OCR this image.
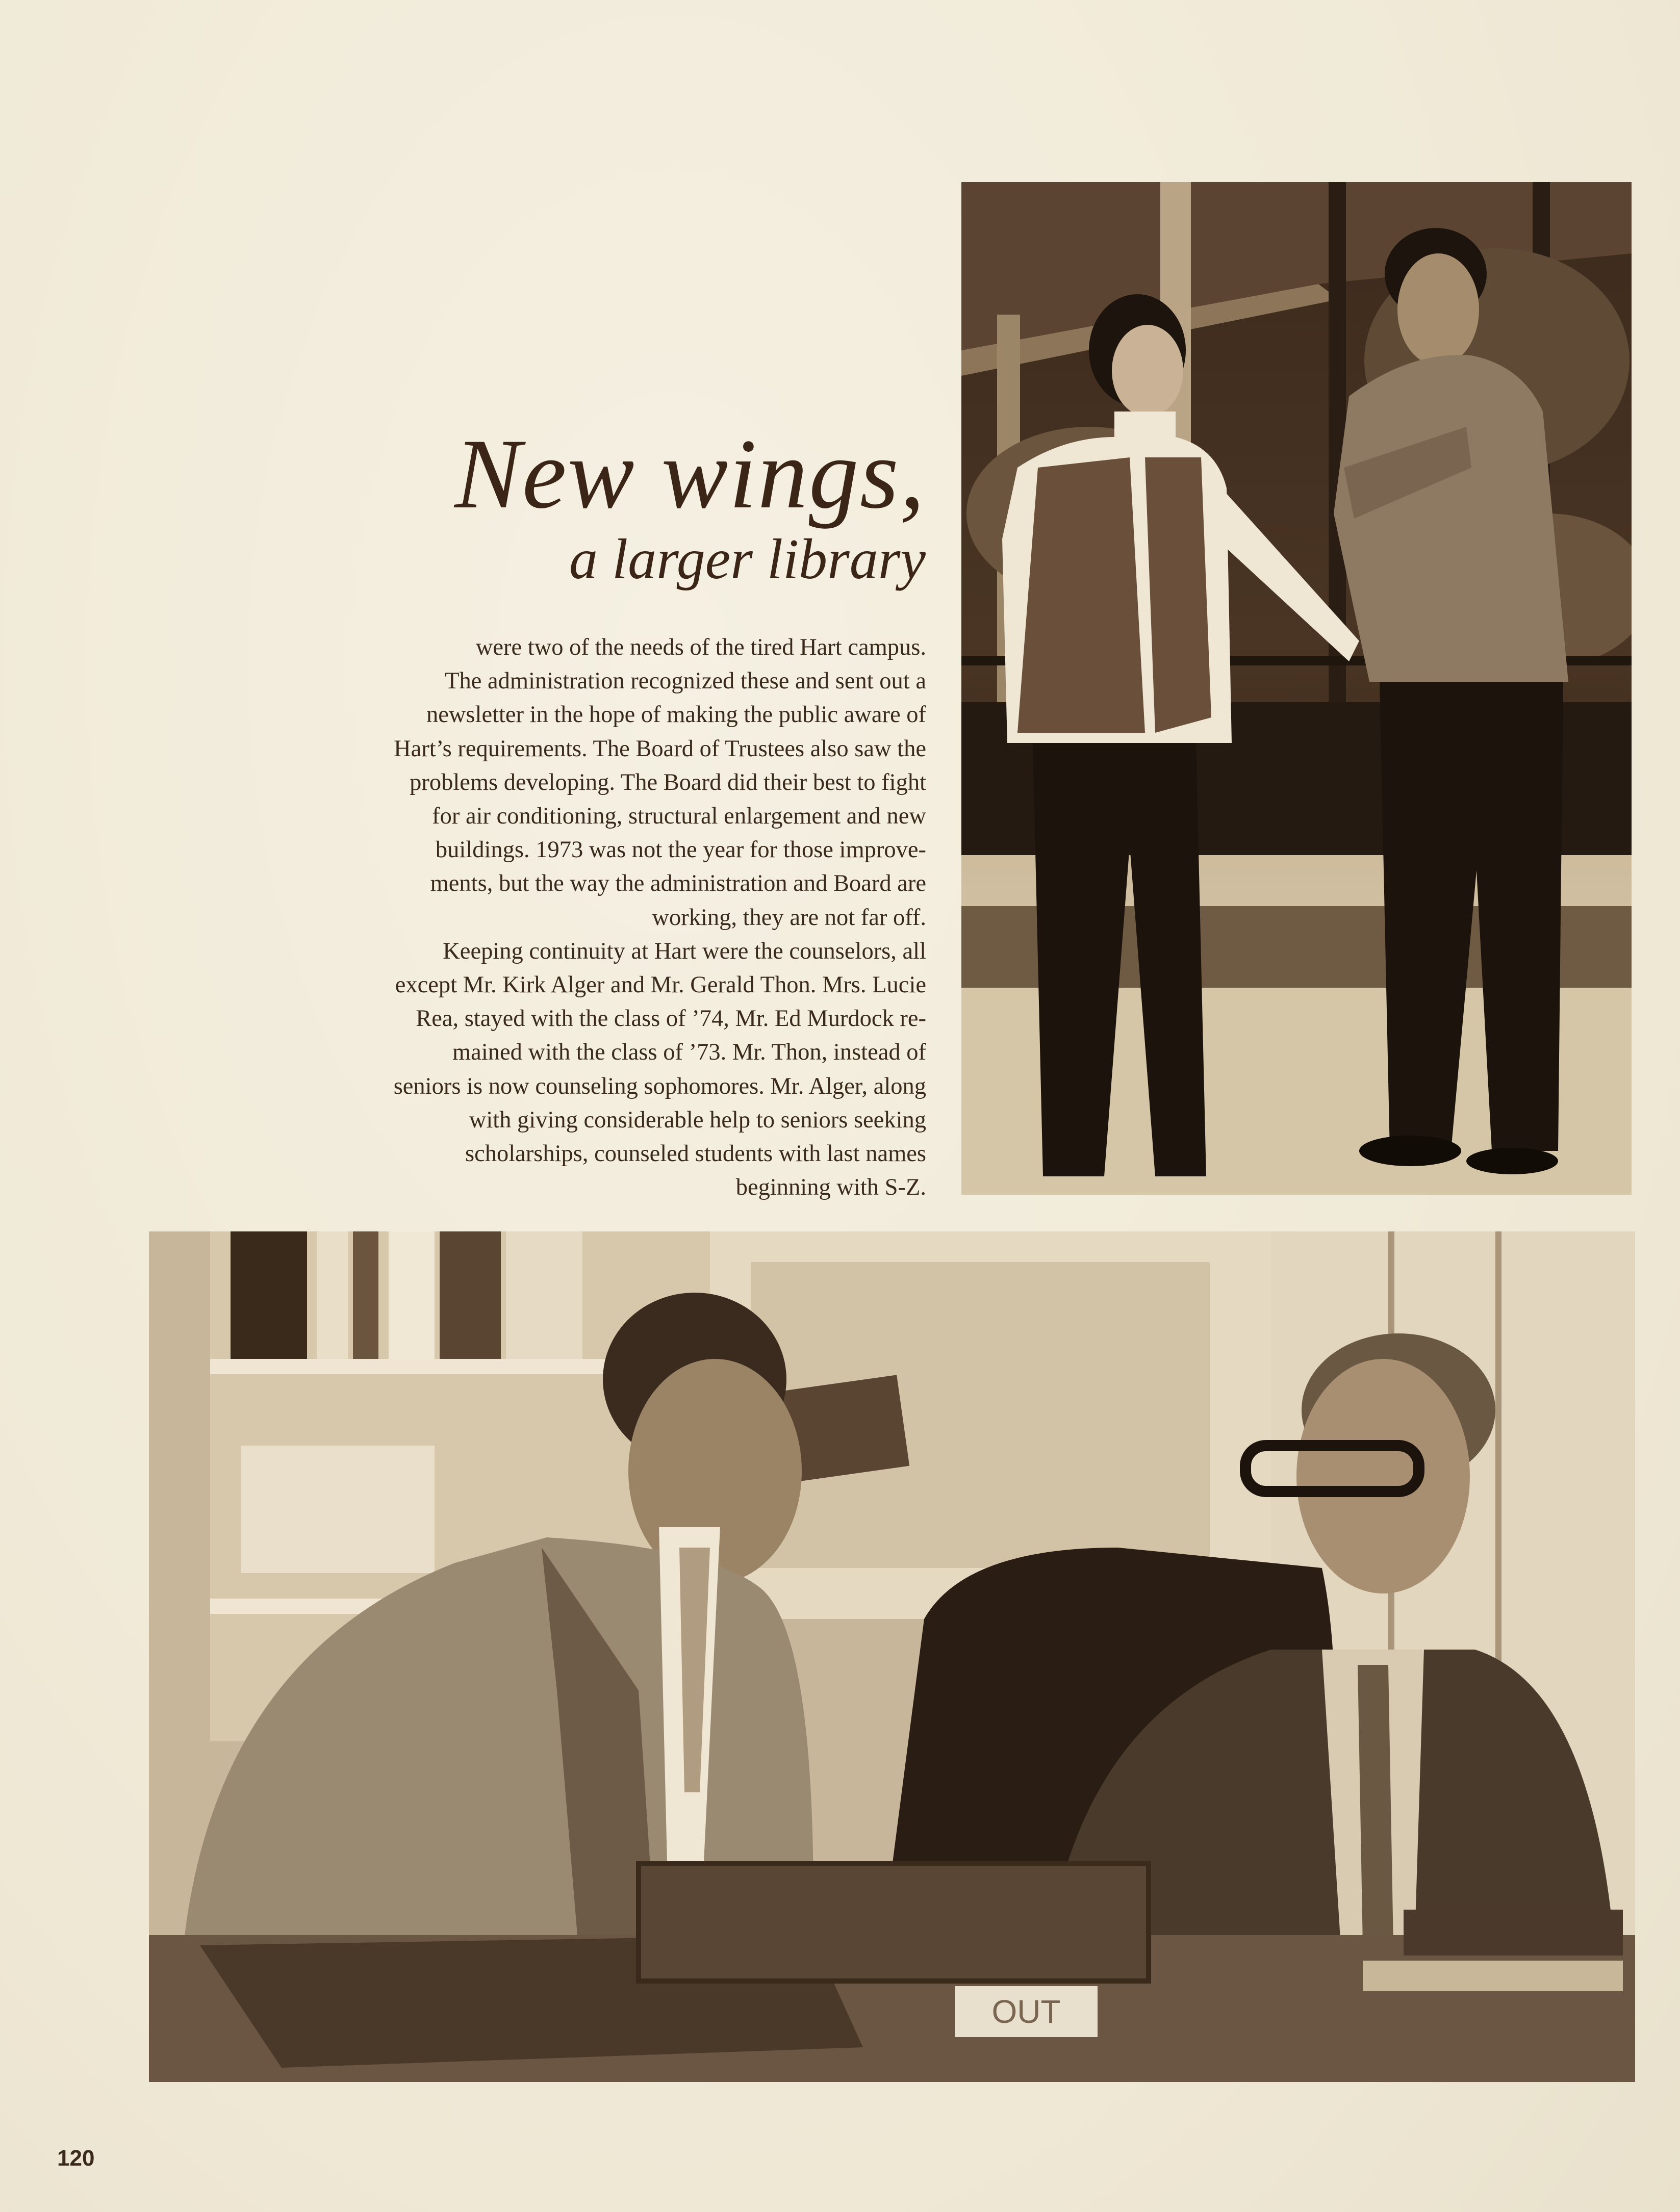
New wings,
a larger library
were two of the needs of the tired Hart campus.
The administration recognized these and sent out a
newsletter in the hope of making the public aware of
Hart’s requirements. The Board of Trustees also saw the
problems developing. The Board did their best to fight
for air conditioning, structural enlargement and new
buildings. 1973 was not the year for those improve-
ments, but the way the administration and Board are
working, they are not far off.
Keeping continuity at Hart were the counselors, all
except Mr. Kirk Alger and Mr. Gerald Thon. Mrs. Lucie
Rea, stayed with the class of ’74, Mr. Ed Murdock re-
mained with the class of ’73. Mr. Thon, instead of
seniors is now counseling sophomores. Mr. Alger, along
with giving considerable help to seniors seeking
scholarships, counseled students with last names
beginning with S-Z.
OUT
120
